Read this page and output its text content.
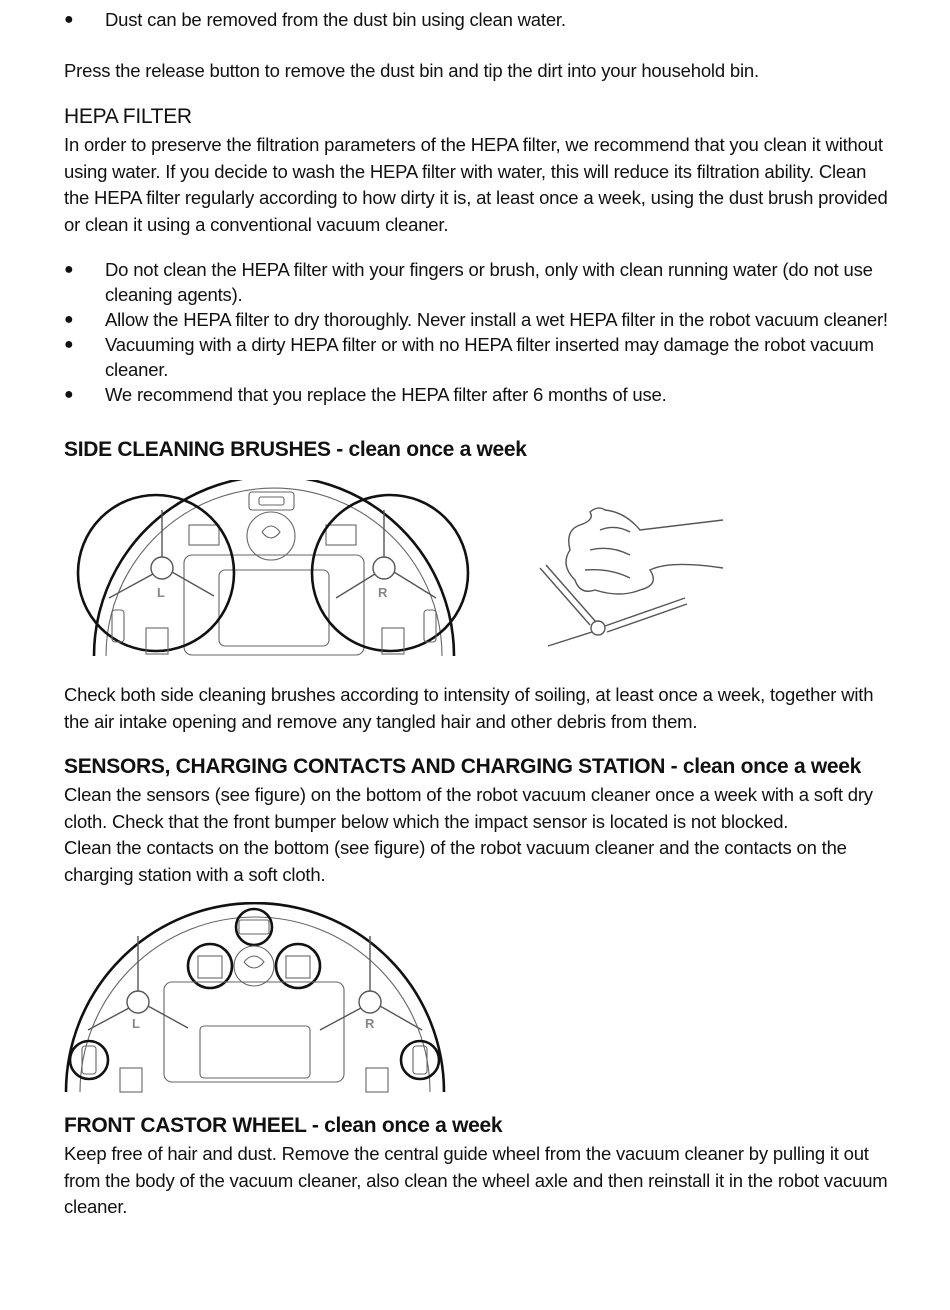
● Dust can be removed from the dust bin using clean water.
Press the release button to remove the dust bin and tip the dirt into your household bin.
HEPA FILTER
In order to preserve the filtration parameters of the HEPA filter, we recommend that you clean it without using water. If you decide to wash the HEPA filter with water, this will reduce its filtration ability. Clean the HEPA filter regularly according to how dirty it is, at least once a week, using the dust brush provided or clean it using a conventional vacuum cleaner.
● Do not clean the HEPA filter with your fingers or brush, only with clean running water (do not use cleaning agents).
● Allow the HEPA filter to dry thoroughly. Never install a wet HEPA filter in the robot vacuum cleaner!
● Vacuuming with a dirty HEPA filter or with no HEPA filter inserted may damage the robot vacuum cleaner.
● We recommend that you replace the HEPA filter after 6 months of use.
SIDE CLEANING BRUSHES - clean once a week
L	R
Check both side cleaning brushes according to intensity of soiling, at least once a week, together with the air intake opening and remove any tangled hair and other debris from them.
SENSORS, CHARGING CONTACTS AND CHARGING STATION - clean once a week
Clean the sensors (see figure) on the bottom of the robot vacuum cleaner once a week with a soft dry cloth. Check that the front bumper below which the impact sensor is located is not blocked.
Clean the contacts on the bottom (see figure) of the robot vacuum cleaner and the contacts on the charging station with a soft cloth.
L	R
FRONT CASTOR WHEEL - clean once a week
Keep free of hair and dust. Remove the central guide wheel from the vacuum cleaner by pulling it out from the body of the vacuum cleaner, also clean the wheel axle and then reinstall it in the robot vacuum cleaner.
